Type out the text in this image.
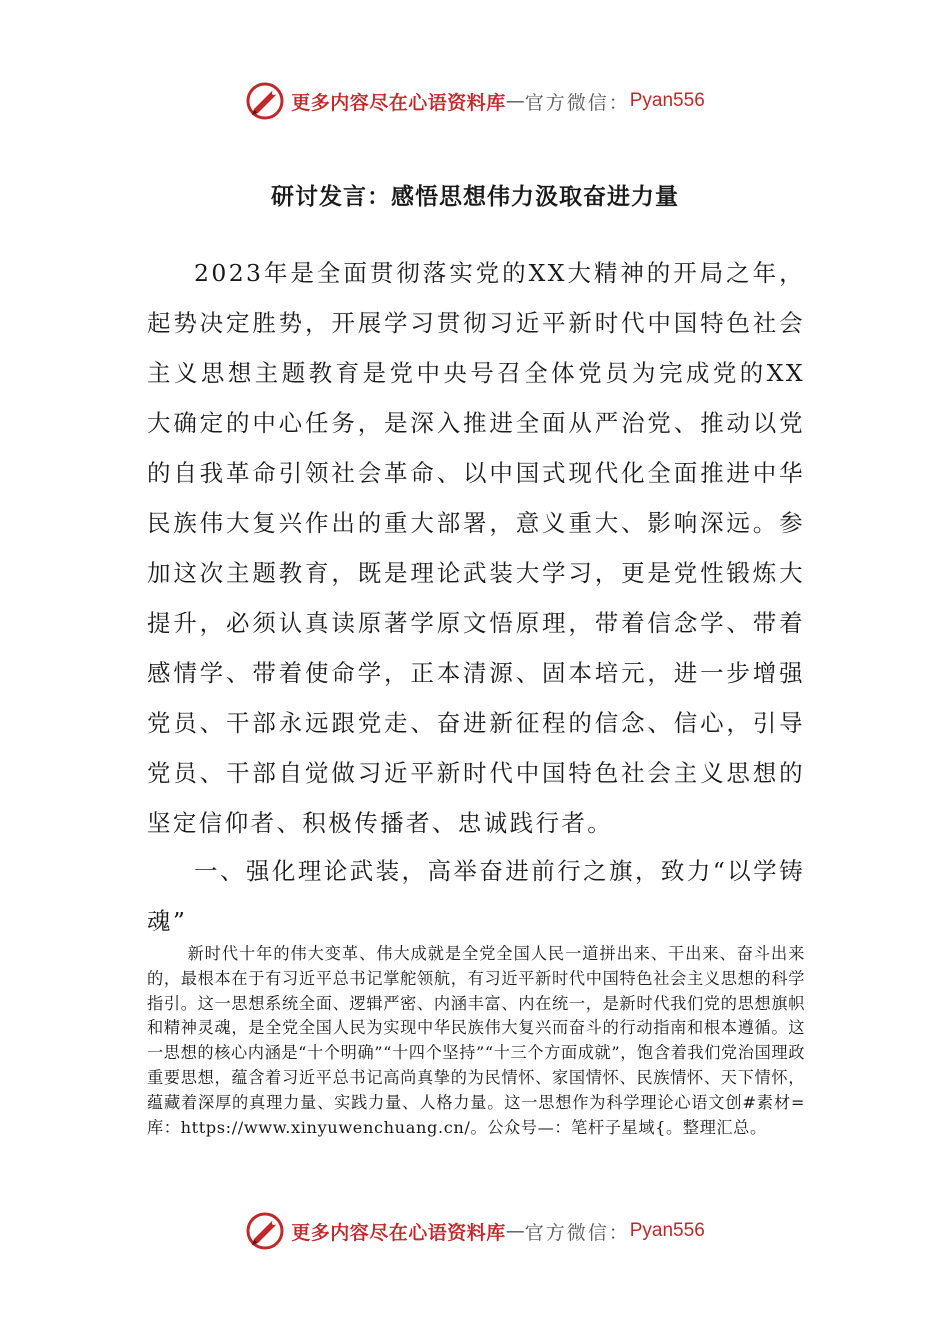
更多内容尽在心语资料库 — 官方微信： Pyan556
研讨发言：感悟思想伟力汲取奋进力量

2023年是全面贯彻落实党的XX大精神的开局之年，起势决定胜势，开展学习贯彻习近平新时代中国特色社会主义思想主题教育是党中央号召全体党员为完成党的XX大确定的中心任务，是深入推进全面从严治党、推动以党的自我革命引领社会革命、以中国式现代化全面推进中华民族伟大复兴作出的重大部署，意义重大、影响深远。参加这次主题教育，既是理论武装大学习，更是党性锻炼大提升，必须认真读原著学原文悟原理，带着信念学、带着感情学、带着使命学，正本清源、固本培元，进一步增强党员、干部永远跟党走、奋进新征程的信念、信心，引导党员、干部自觉做习近平新时代中国特色社会主义思想的坚定信仰者、积极传播者、忠诚践行者。

一、强化理论武装，高举奋进前行之旗，致力“以学铸魂”

新时代十年的伟大变革、伟大成就是全党全国人民一道拼出来、干出来、奋斗出来的，最根本在于有习近平总书记掌舵领航，有习近平新时代中国特色社会主义思想的科学指引。这一思想系统全面、逻辑严密、内涵丰富、内在统一，是新时代我们党的思想旗帜和精神灵魂，是全党全国人民为实现中华民族伟大复兴而奋斗的行动指南和根本遵循。这一思想的核心内涵是“十个明确”“十四个坚持”“十三个方面成就”，饱含着我们党治国理政重要思想，蕴含着习近平总书记高尚真挚的为民情怀、家国情怀、民族情怀、天下情怀，蕴藏着深厚的真理力量、实践力量、人格力量。这一思想作为科学理论心语文创#素材=库：https://www.xinyuwenchuang.cn/。公众号—：笔杆子星域{。整理汇总。

更多内容尽在心语资料库 — 官方微信： Pyan556
